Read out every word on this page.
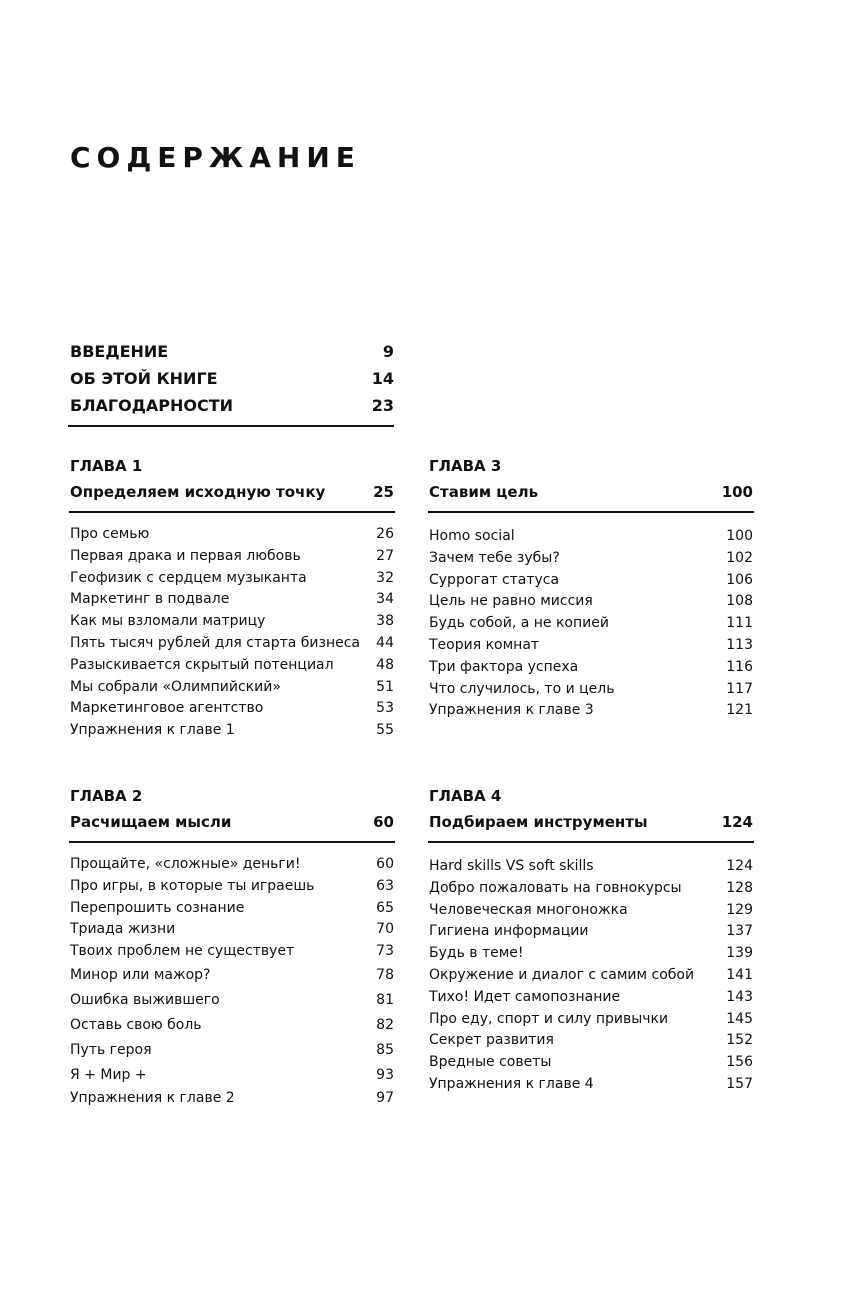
СОДЕРЖАНИЕ
ВВЕДЕНИЕ	9
ОБ ЭТОЙ КНИГЕ	14
БЛАГОДАРНОСТИ	23
ГЛАВА 1
Определяем исходную точку	25
Про семью	26
Первая драка и первая любовь	27
Геофизик с сердцем музыканта	32
Маркетинг в подвале	34
Как мы взломали матрицу	38
Пять тысяч рублей для старта бизнеса 44
Разыскивается скрытый потенциал	48
Мы собрали «Олимпийский»	51
Маркетинговое агентство	53
Упражнения к главе 1	55
ГЛАВА 2
Расчищаем мысли	60
Прощайте, «сложные» деньги!	60
Про игры, в которые ты играешь	63
Перепрошить сознание	65
Триада жизни	70
Твоих проблем не существует	73
Минор или мажор?	78
Ошибка выжившего	81
Оставь свою боль	82
Путь героя	85
Я + Мир +	93
Упражнения к главе 2	97
ГЛАВА 3
Ставим цель	100
Homo social	100
Зачем тебе зубы?	102
Суррогат статуса	106
Цель не равно миссия	108
Будь собой, а не копией	111
Теория комнат	113
Три фактора успеха	116
Что случилось, то и цель	117
Упражнения к главе 3	121
ГЛАВА 4
Подбираем инструменты	124
Hard skills VS soft skills	124
Добро пожаловать на говнокурсы	128
Человеческая многоножка	129
Гигиена информации	137
Будь в теме!	139
Окружение и диалог с самим собой 141
Тихо! Идет самопознание	143
Про еду, спорт и силу привычки	145
Секрет развития	152
Вредные советы	156
Упражнения к главе 4	157
